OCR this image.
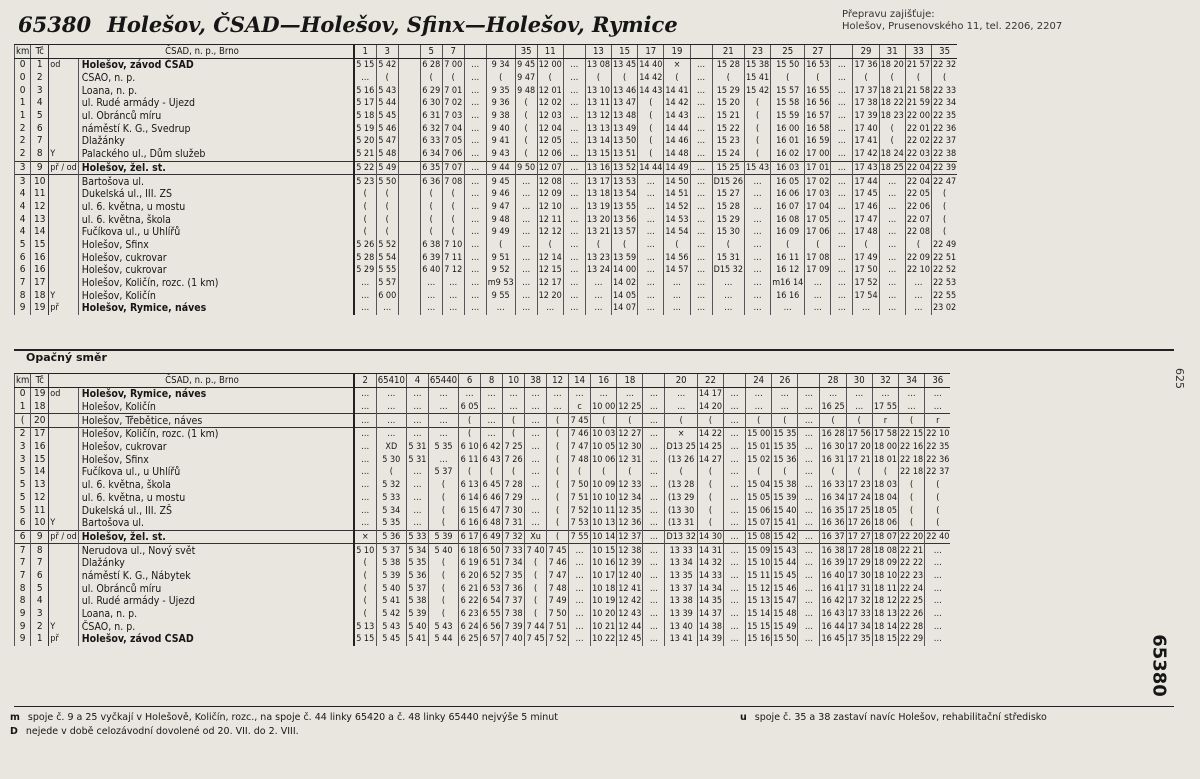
65380 Holešov, ČSAD—Holešov, Sfinx—Holešov, Rymice	Přepravu zajišťuje:
Holešov, Prusenovského 11, tel. 2206, 2207
km	Tč	ČSAD, n. p., Brno		1	3		5	7			35	11		13	15	17	19		21	23	25	27		29	31	33	35
0	1	od	Holešov, závod ČSAD	5 15	5 42		6 28	7 00	…	9 34	9 45	12 00	…	13 08	13 45	14 40	×	…	15 28	15 38	15 50	16 53	…	17 36	18 20	21 57	22 32
0	2		ČSAO, n. p.	…	(		(	(	…	(	9 47	(	…	(	(	14 42	(	…	(	15 41	(	(	…	(	(	(	(
0	3		Loana, n. p.	5 16	5 43		6 29	7 01	…	9 35	9 48	12 01	…	13 10	13 46	14 43	14 41	…	15 29	15 42	15 57	16 55	…	17 37	18 21	21 58	22 33
1	4		ul. Rudé armády - Újezd	5 17	5 44		6 30	7 02	…	9 36	(	12 02	…	13 11	13 47	(	14 42	…	15 20	(	15 58	16 56	…	17 38	18 22	21 59	22 34
1	5		ul. Obránců míru	5 18	5 45		6 31	7 03	…	9 38	(	12 03	…	13 12	13 48	(	14 43	…	15 21	(	15 59	16 57	…	17 39	18 23	22 00	22 35
2	6		náměstí K. G., Svedrup	5 19	5 46		6 32	7 04	…	9 40	(	12 04	…	13 13	13 49	(	14 44	…	15 22	(	16 00	16 58	…	17 40	(	22 01	22 36
2	7		Dlažánky	5 20	5 47		6 33	7 05	…	9 41	(	12 05	…	13 14	13 50	(	14 46	…	15 23	(	16 01	16 59	…	17 41	(	22 02	22 37
2	8	Y	Palackého ul., Dům služeb	5 21	5 48		6 34	7 06	…	9 43	(	12 06	…	13 15	13 51	(	14 48	…	15 24	(	16 02	17 00	…	17 42	18 24	22 03	22 38
3	9	př / od	Holešov, žel. st.	5 22	5 49		6 35	7 07	…	9 44	9 50	12 07	…	13 16	13 52	14 44	14 49	…	15 25	15 43	16 03	17 01	…	17 43	18 25	22 04	22 39
3	10		Bartošova ul.	5 23	5 50		6 36	7 08	…	9 45	…	12 08	…	13 17	13 53	…	14 50	…	D15 26	…	16 05	17 02	…	17 44	…	22 04	22 47
4	11		Dukelská ul., III. ZŠ	(	(		(	(	…	9 46	…	12 09	…	13 18	13 54	…	14 51	…	15 27	…	16 06	17 03	…	17 45	…	22 05	(
4	12		ul. 6. května, u mostu	(	(		(	(	…	9 47	…	12 10	…	13 19	13 55	…	14 52	…	15 28	…	16 07	17 04	…	17 46	…	22 06	(
4	13		ul. 6. května, škola	(	(		(	(	…	9 48	…	12 11	…	13 20	13 56	…	14 53	…	15 29	…	16 08	17 05	…	17 47	…	22 07	(
4	14		Fučíkova ul., u Uhlířů	(	(		(	(	…	9 49	…	12 12	…	13 21	13 57	…	14 54	…	15 30	…	16 09	17 06	…	17 48	…	22 08	(
5	15		Holešov, Sfinx	5 26	5 52		6 38	7 10	…	(	…	(	…	(	(	…	(	…	(	…	(	(	…	(	…	(	22 49
6	16		Holešov, cukrovar	5 28	5 54		6 39	7 11	…	9 51	…	12 14	…	13 23	13 59	…	14 56	…	15 31	…	16 11	17 08	…	17 49	…	22 09	22 51
6	16		Holešov, cukrovar	5 29	5 55		6 40	7 12	…	9 52	…	12 15	…	13 24	14 00	…	14 57	…	D15 32	…	16 12	17 09	…	17 50	…	22 10	22 52
7	17		Holešov, Količín, rozc. (1 km)	…	5 57		…	…	…	m9 53	…	12 17	…	…	14 02	…	…	…	…	…	m16 14	…	…	17 52	…	…	22 53
8	18	Y	Holešov, Količín	…	6 00		…	…	…	9 55	…	12 20	…	…	14 05	…	…	…	…	…	16 16	…	…	17 54	…	…	22 55
9	19	př	Holešov, Rymice, náves	…	…		…	…	…	…	…	…	…	…	14 07	…	…	…	…	…	…	…	…	…	…	…	23 02
Opačný směr
km	Tč	ČSAD, n. p., Brno		2	65410	4	65440	6	8	10	38	12	14	16	18		20	22		24	26		28	30	32	34	36
0	19	od	Holešov, Rymice, náves	…	…	…	…	…	…	…	…	…	…	…	…	…	…	14 17	…	…	…	…	…	…	…	…	…
1	18		Holešov, Količín	…	…	…	…	6 05	…	…	…	…	c	10 00	12 25	…	…	14 20	…	…	…	…	16 25	…	17 55	…	…
(	20		Holešov, Třebětice, náves	…	…	…	…	(	…	(	…	(	7 45	(	(	…	(	(	…	(	(	…	(	(	r	(	r
2	17		Holešov, Količín, rozc. (1 km)	…	…	…	…	(	…	(	…	(	7 46	10 03	12 27	…	×	14 22	…	15 00	15 35	…	16 28	17 56	17 58	22 15	22 10
3	16		Holešov, cukrovar	…	XD	5 31	5 35	6 10	6 42	7 25	…	(	7 47	10 05	12 30	…	D13 25	14 25	…	15 01	15 35	…	16 30	17 20	18 00	22 16	22 35
3	15		Holešov, Sfinx	…	5 30	5 31	…	6 11	6 43	7 26	…	(	7 48	10 06	12 31	…	(13 26	14 27	…	15 02	15 36	…	16 31	17 21	18 01	22 18	22 36
5	14		Fučíkova ul., u Uhlířů	…	(	…	5 37	(	(	(	…	(	(	(	(	…	(	(	…	(	(	…	(	(	(	22 18	22 37
5	13		ul. 6. května, škola	…	5 32	…	(	6 13	6 45	7 28	…	(	7 50	10 09	12 33	…	(13 28	(	…	15 04	15 38	…	16 33	17 23	18 03	(	(
5	12		ul. 6. května, u mostu	…	5 33	…	(	6 14	6 46	7 29	…	(	7 51	10 10	12 34	…	(13 29	(	…	15 05	15 39	…	16 34	17 24	18 04	(	(
5	11		Dukelská ul., III. ZŠ	…	5 34	…	(	6 15	6 47	7 30	…	(	7 52	10 11	12 35	…	(13 30	(	…	15 06	15 40	…	16 35	17 25	18 05	(	(
6	10	Y	Bartošova ul.	…	5 35	…	(	6 16	6 48	7 31	…	(	7 53	10 13	12 36	…	(13 31	(	…	15 07	15 41	…	16 36	17 26	18 06	(	(
6	9	př / od	Holešov, žel. st.	×	5 36	5 33	5 39	6 17	6 49	7 32	Xu	(	7 55	10 14	12 37	…	D13 32	14 30	…	15 08	15 42	…	16 37	17 27	18 07	22 20	22 40
7	8		Nerudova ul., Nový svět	5 10	5 37	5 34	5 40	6 18	6 50	7 33	7 40	7 45	…	10 15	12 38	…	13 33	14 31	…	15 09	15 43	…	16 38	17 28	18 08	22 21	…
7	7		Dlažánky	(	5 38	5 35	(	6 19	6 51	7 34	(	7 46	…	10 16	12 39	…	13 34	14 32	…	15 10	15 44	…	16 39	17 29	18 09	22 22	…
7	6		náměstí K. G., Nábytek	(	5 39	5 36	(	6 20	6 52	7 35	(	7 47	…	10 17	12 40	…	13 35	14 33	…	15 11	15 45	…	16 40	17 30	18 10	22 23	…
8	5		ul. Obránců míru	(	5 40	5 37	(	6 21	6 53	7 36	(	7 48	…	10 18	12 41	…	13 37	14 34	…	15 12	15 46	…	16 41	17 31	18 11	22 24	…
8	4		ul. Rudé armády - Újezd	(	5 41	5 38	(	6 22	6 54	7 37	(	7 49	…	10 19	12 42	…	13 38	14 35	…	15 13	15 47	…	16 42	17 32	18 12	22 25	…
9	3		Loana, n. p.	(	5 42	5 39	(	6 23	6 55	7 38	(	7 50	…	10 20	12 43	…	13 39	14 37	…	15 14	15 48	…	16 43	17 33	18 13	22 26	…
9	2	Y	ČSAO, n. p.	5 13	5 43	5 40	5 43	6 24	6 56	7 39	7 44	7 51	…	10 21	12 44	…	13 40	14 38	…	15 15	15 49	…	16 44	17 34	18 14	22 28	…
9	1	př	Holešov, závod ČSAD	5 15	5 45	5 41	5 44	6 25	6 57	7 40	7 45	7 52	…	10 22	12 45	…	13 41	14 39	…	15 16	15 50	…	16 45	17 35	18 15	22 29	…
m spoje č. 9 a 25 vyčkají v Holešově, Količín, rozc., na spoje č. 44 linky 65420 a č. 48 linky 65440 nejvýše 5 minut	u spoje č. 35 a 38 zastaví navíc Holešov, rehabilitační středisko
D nejede v době celozávodní dovolené od 20. VII. do 2. VIII.
625
65380
